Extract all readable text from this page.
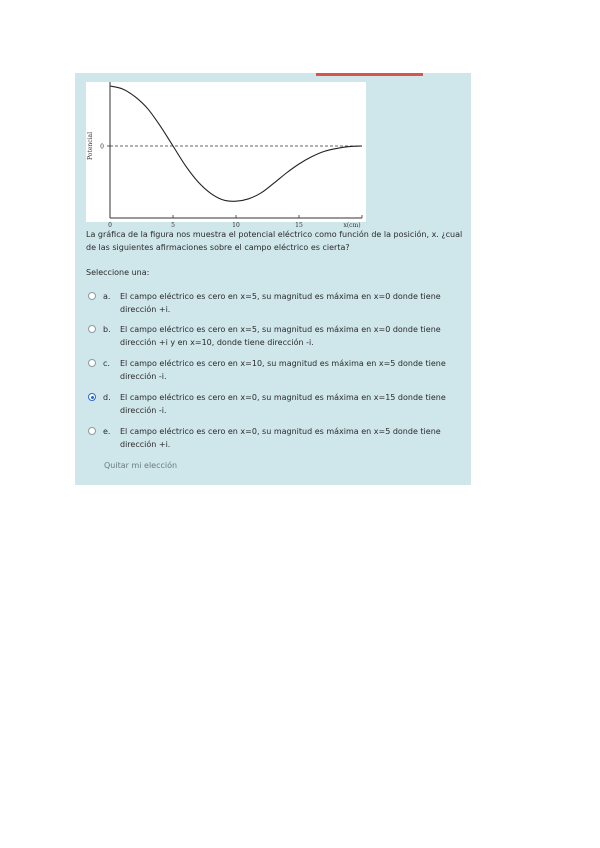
0
Potencial
0	5	10	15	x(cm)
La gráfica de la figura nos muestra el potencial eléctrico como función de la posición, x. ¿cual de las siguientes afirmaciones sobre el campo eléctrico es cierta?
Seleccione una:
a. El campo eléctrico es cero en x=5, su magnitud es máxima en x=0 donde tiene dirección +i.
b. El campo eléctrico es cero en x=5, su magnitud es máxima en x=0 donde tiene dirección +i y en x=10, donde tiene dirección -i.
c. El campo eléctrico es cero en x=10, su magnitud es máxima en x=5 donde tiene dirección -i.
d. El campo eléctrico es cero en x=0, su magnitud es máxima en x=15 donde tiene dirección -i.
e. El campo eléctrico es cero en x=0, su magnitud es máxima en x=5 donde tiene dirección +i.
Quitar mi elección
